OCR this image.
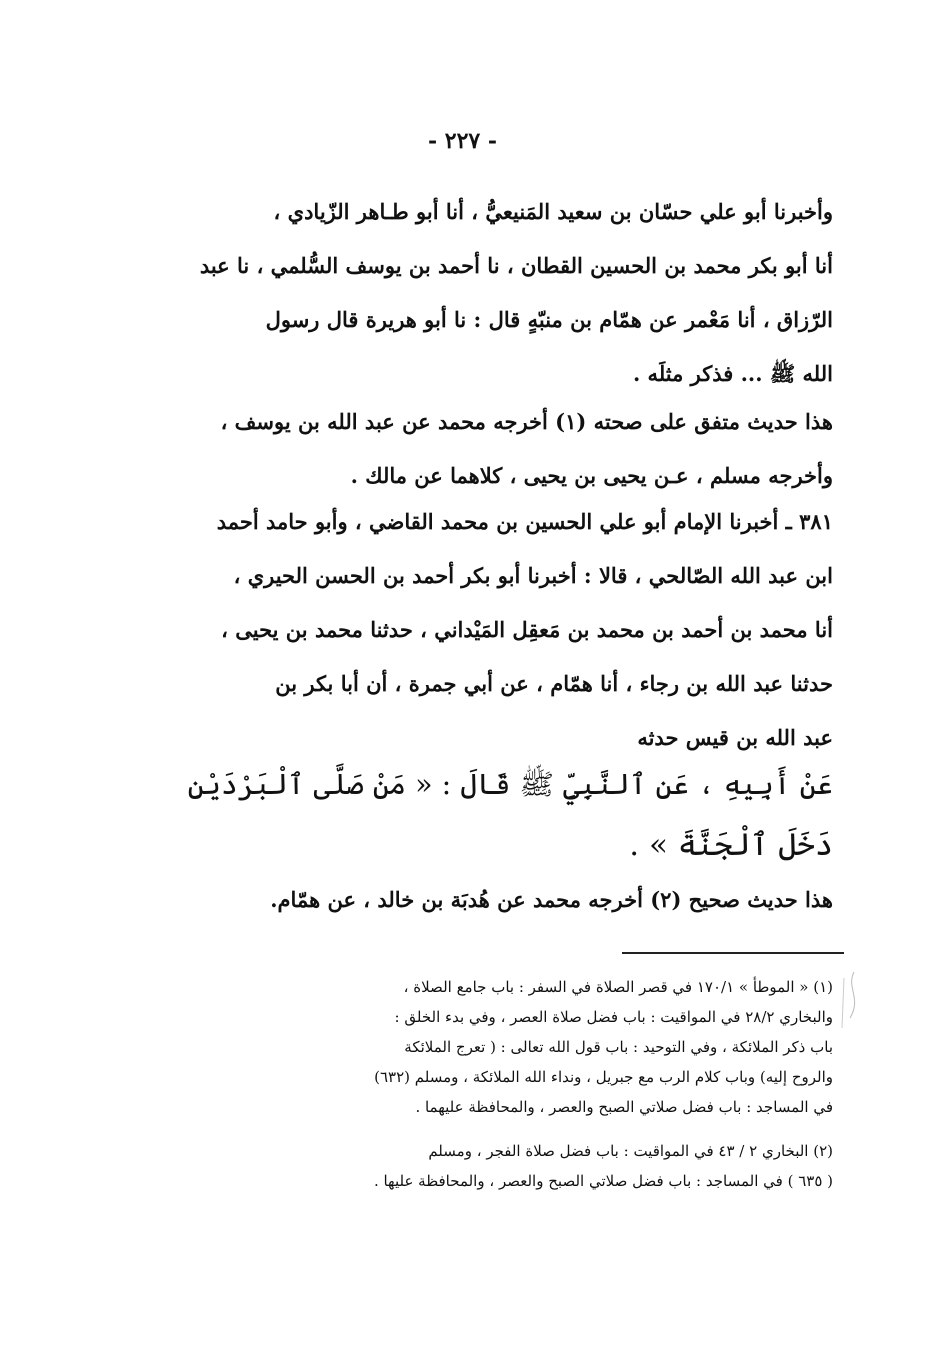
- ٢٢٧ -
وأخبرنا أبو علي حسّان بن سعيد المَنيعيُّ ، أنا أبو طـاهر الزّيادي ،
أنا أبو بكر محمد بن الحسين القطان ، نا أحمد بن يوسف السُّلمي ، نا عبد
الرّزاق ، أنا مَعْمر عن همّام بن منبّهٍ قال : نا أبو هريرة قال رسول
الله ﷺ ... فذكر مثلَه .
هذا حديث متفق على صحته (١) أخرجه محمد عن عبد الله بن يوسف ،
وأخرجه مسلم ، عـن يحيى بن يحيى ، كلاهما عن مالك .
٣٨١ ـ أخبرنا الإمام أبو علي الحسين بن محمد القاضي ، وأبو حامد أحمد
ابن عبد الله الصّالحي ، قالا : أخبرنا أبو بكر أحمد بن الحسن الحيري ،
أنا محمد بن أحمد بن محمد بن مَعقِل المَيْداني ، حدثنا محمد بن يحيى ،
حدثنا عبد الله بن رجاء ، أنا همّام ، عن أبي جمرة ، أن أبا بكر بن
عبد الله بن قيس حدثه
عَنْ أَبِيهِ ، عَنِ ٱلنَّبِيِّ ﷺ قَالَ : « مَنْ صَلَّى ٱلْبَرْدَيْنِ
دَخَلَ ٱلْجَنَّةَ » .
هذا حديث صحيح (٢) أخرجه محمد عن هُدبَة بن خالد ، عن همّام.
(١) « الموطأ » ١٧٠/١ في قصر الصلاة في السفر : باب جامع الصلاة ،
والبخاري ٢٨/٢ في المواقيت : باب فضل صلاة العصر ، وفي بدء الخلق :
باب ذكر الملائكة ، وفي التوحيد : باب قول الله تعالى : ( تعرج الملائكة
والروح إليه) وباب كلام الرب مع جبريل ، ونداء الله الملائكة ، ومسلم (٦٣٢)
في المساجد : باب فضل صلاتي الصبح والعصر ، والمحافظة عليهما .
(٢) البخاري ٢ / ٤٣ في المواقيت : باب فضل صلاة الفجر ، ومسلم
( ٦٣٥ ) في المساجد : باب فضل صلاتي الصبح والعصر ، والمحافظة عليها .
